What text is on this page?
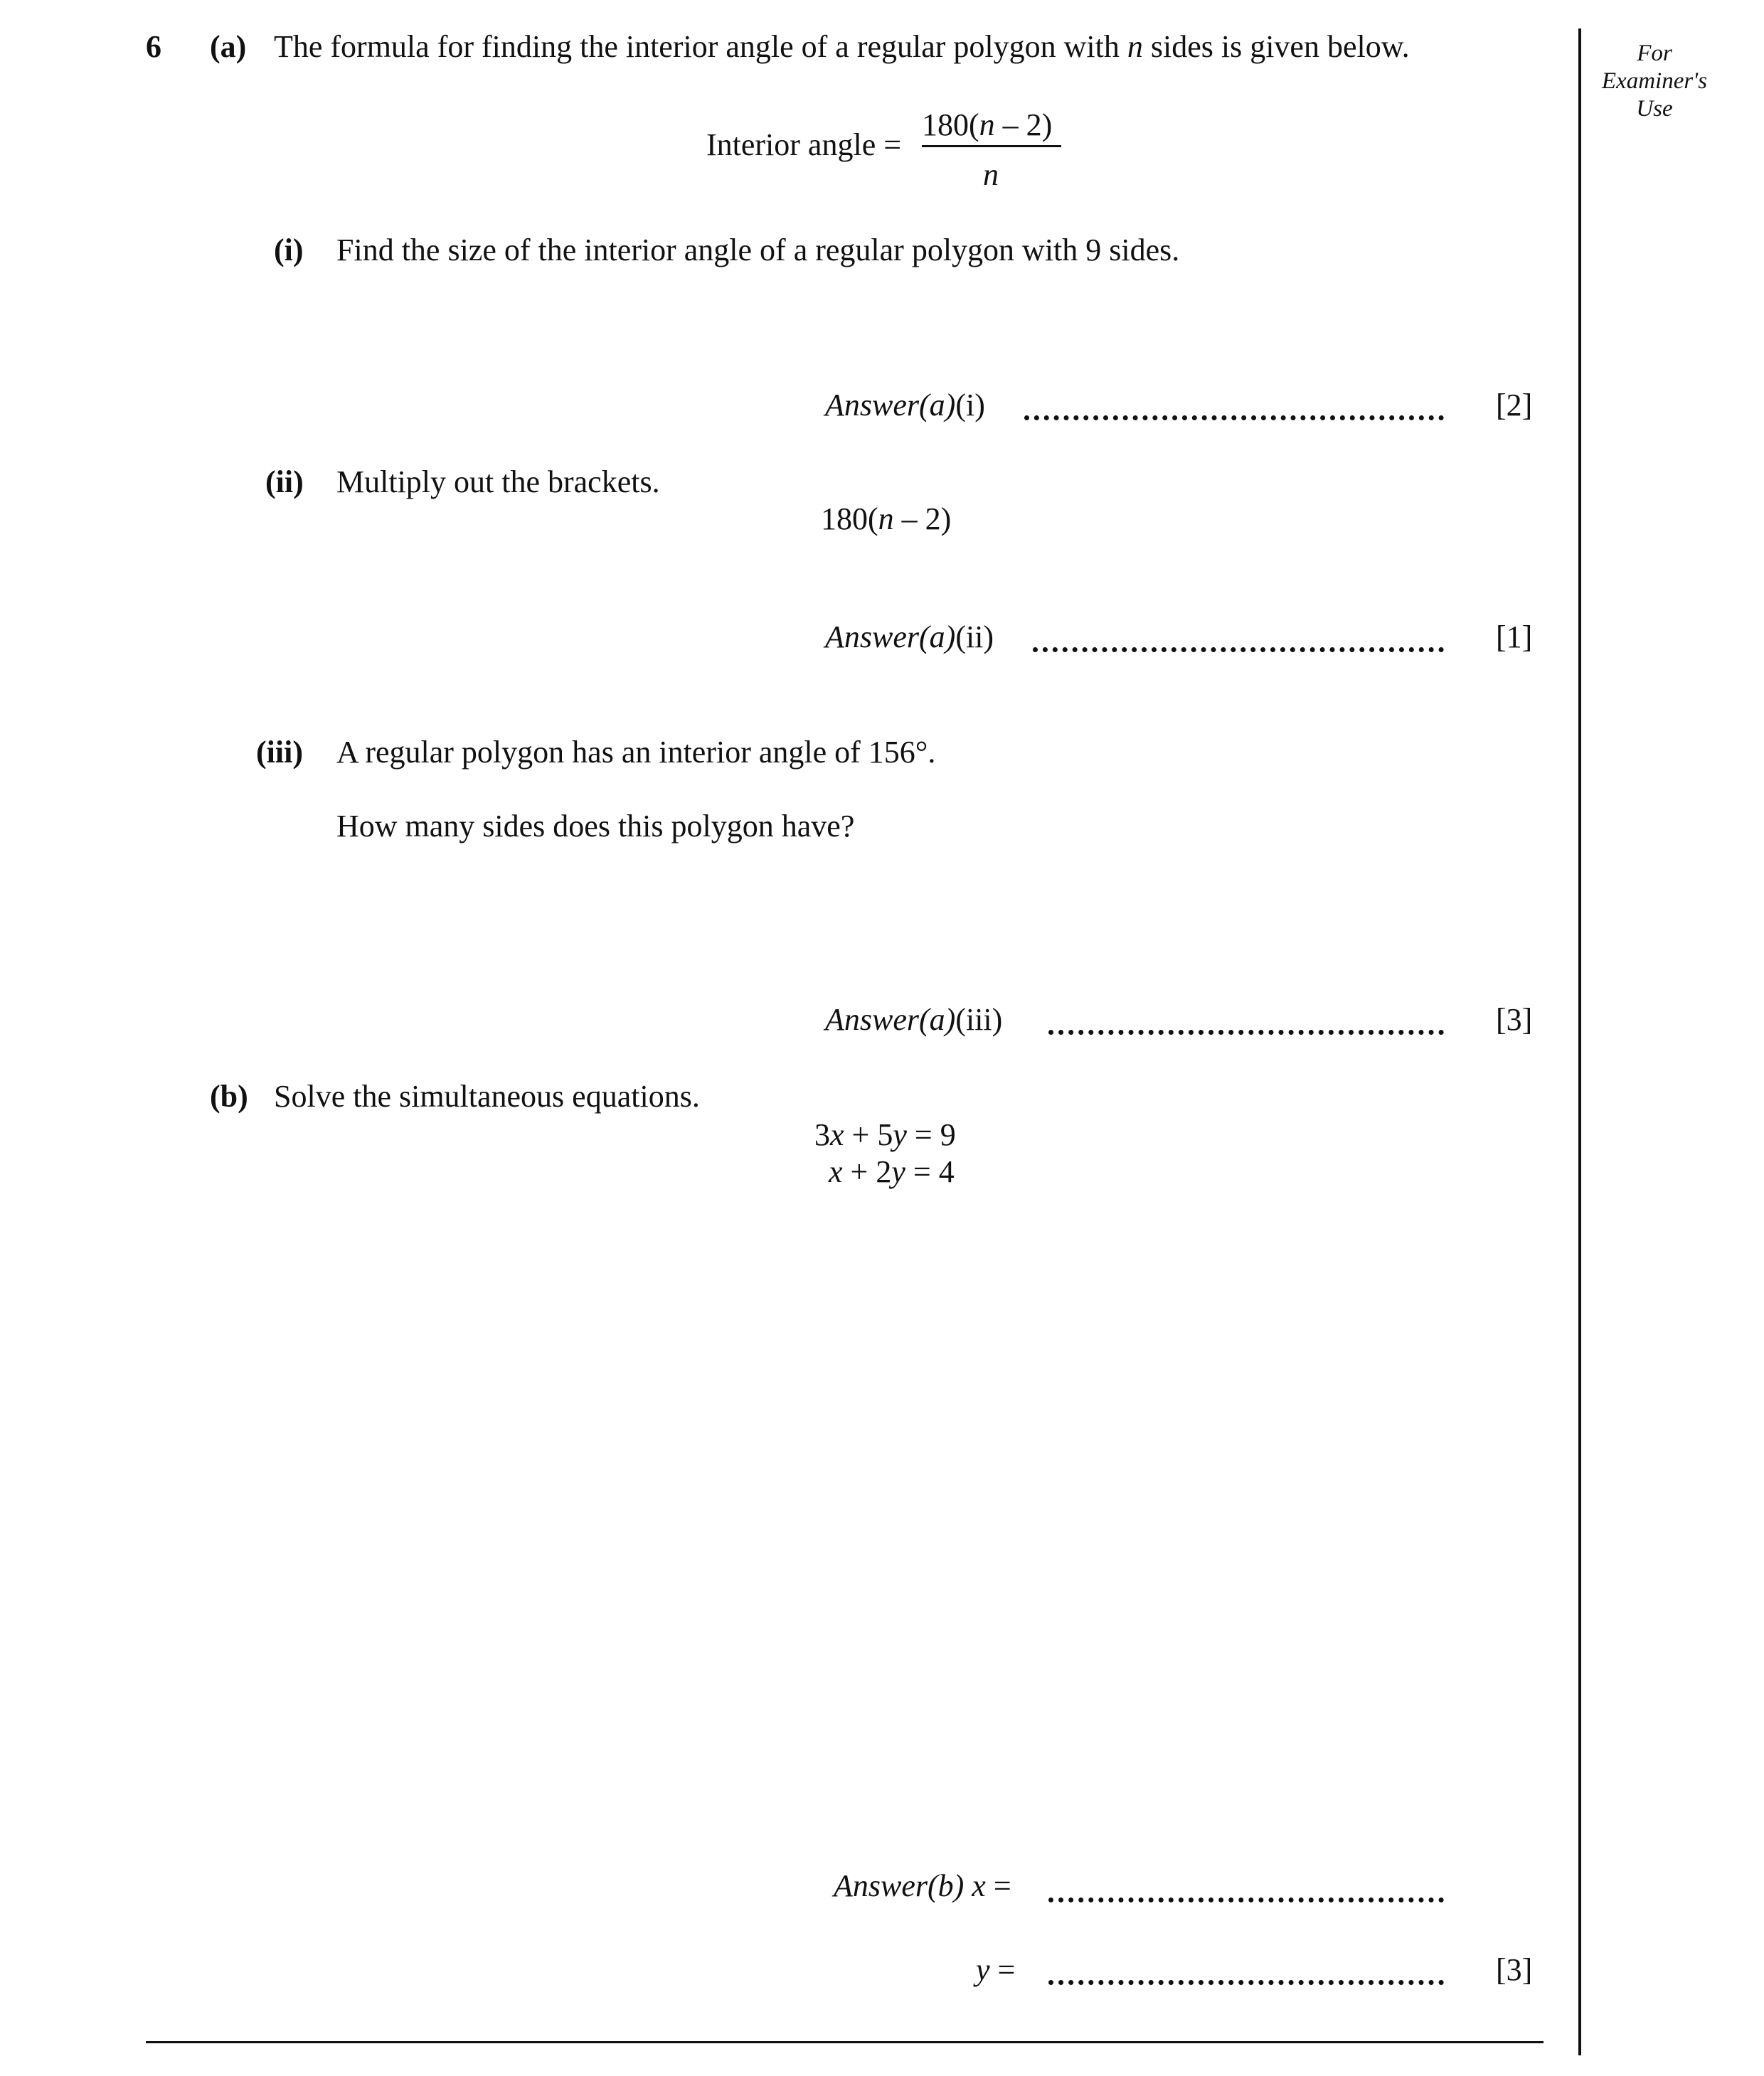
For
Examiner's
Use
6 (a) The formula for finding the interior angle of a regular polygon with n sides is given below.
Interior angle =
180(n – 2)
n
(i) Find the size of the interior angle of a regular polygon with 9 sides.
Answer(a)(i)	[2]
(ii) Multiply out the brackets.
180(n – 2)
Answer(a)(ii)	[1]
(iii) A regular polygon has an interior angle of 156°.
How many sides does this polygon have?
Answer(a)(iii)	[3]
(b) Solve the simultaneous equations.
3x + 5y = 9
x + 2y = 4
Answer(b) x =
y =	[3]
